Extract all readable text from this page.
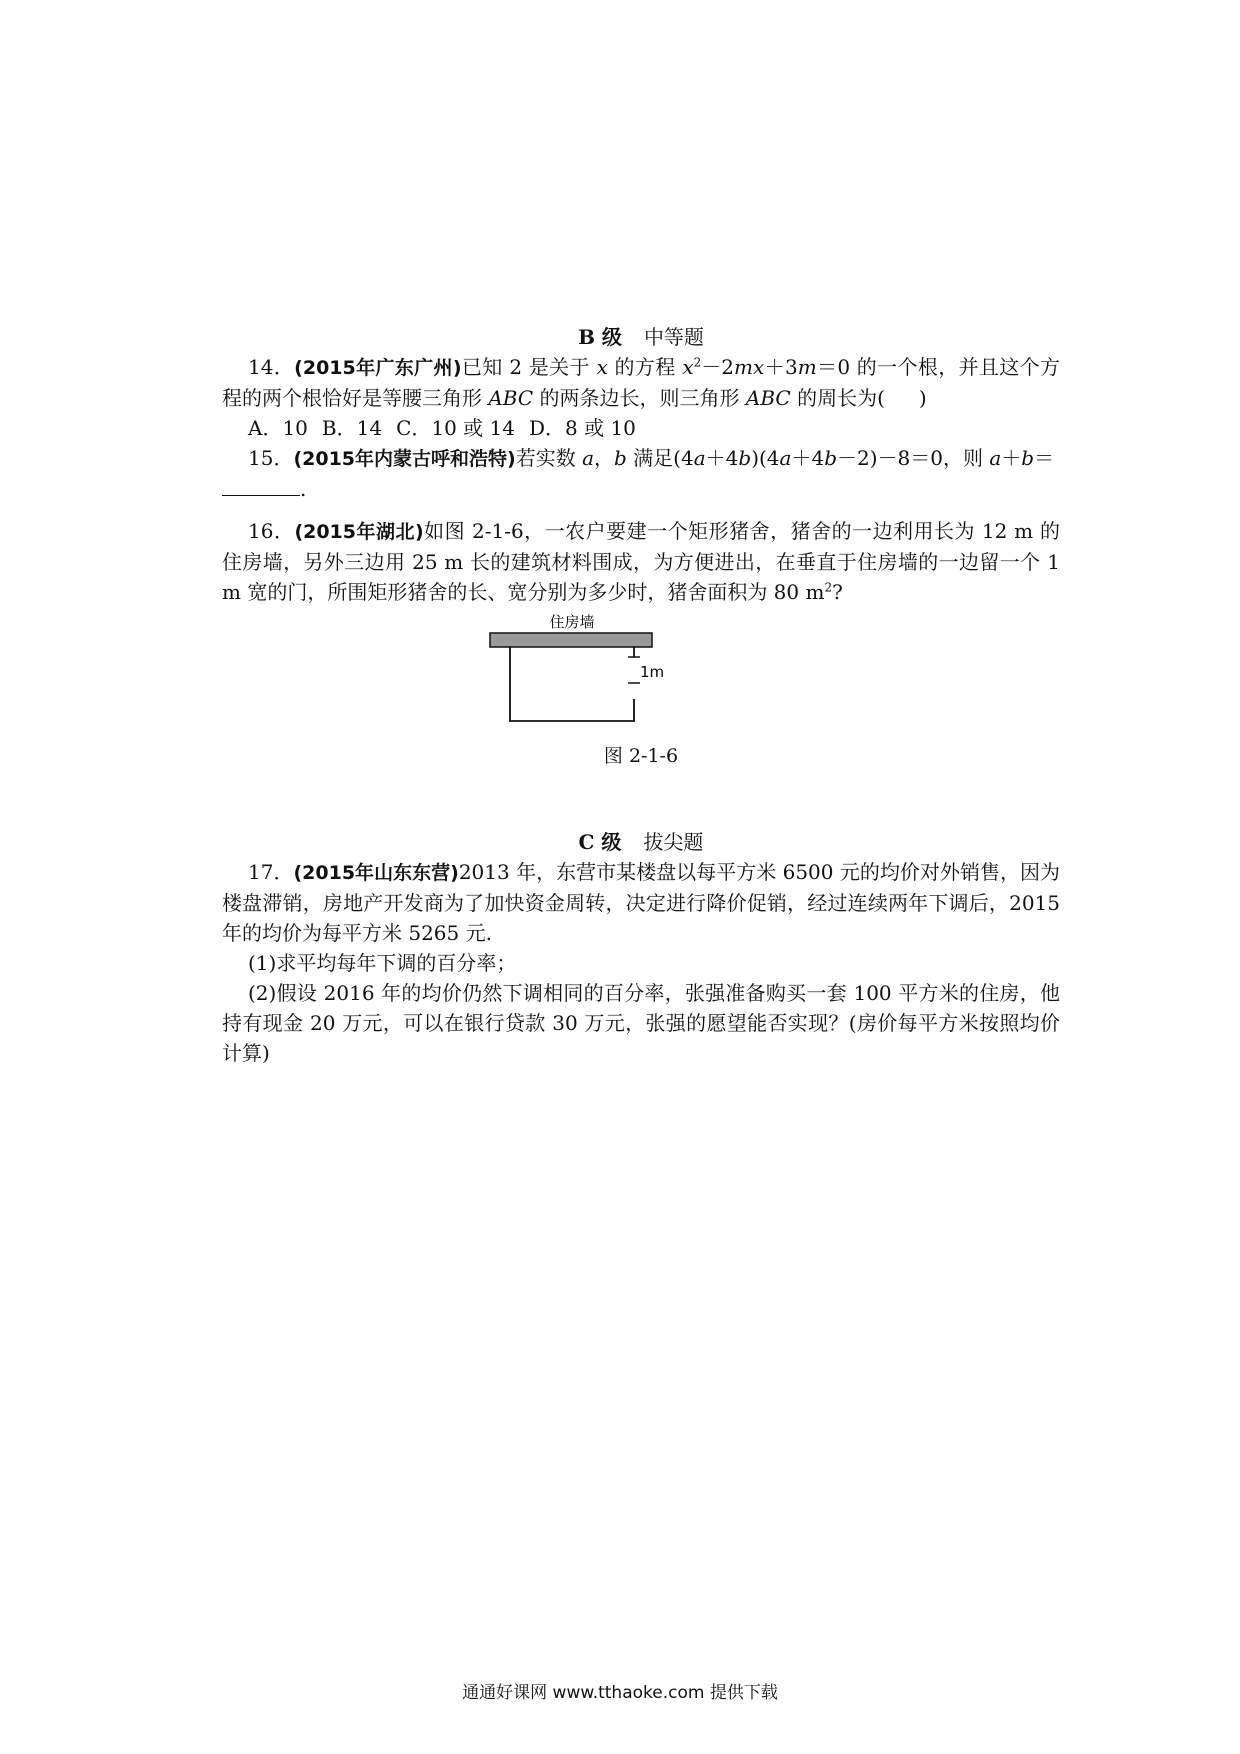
B 级 中等题

14．(2015年广东广州)已知 2 是关于 x 的方程 $x^2-2mx+3m=0$ 的一个根，并且这个方程的两个根恰好是等腰三角形 ABC 的两条边长，则三角形 ABC 的周长为( )

A．10 B．14 C．10 或 14 D．8 或 10

15．(2015年内蒙古呼和浩特)若实数 a，b 满足(4a＋4b)(4a＋4b－2)－8＝0，则 a＋b＝

.

16．(2015年湖北)如图 2-1-6，一农户要建一个矩形猪舍，猪舍的一边利用长为 12 m 的住房墙，另外三边用 25 m 长的建筑材料围成，为方便进出，在垂直于住房墙的一边留一个 1 m 宽的门，所围矩形猪舍的长、宽分别为多少时，猪舍面积为 80 $m^2$?

住房墙
1m
图 2-1-6

C 级 拔尖题

17．(2015年山东东营)2013 年，东营市某楼盘以每平方米 6500 元的均价对外销售，因为楼盘滞销，房地产开发商为了加快资金周转，决定进行降价促销，经过连续两年下调后，2015 年的均价为每平方米 5265 元.

(1)求平均每年下调的百分率；

(2)假设 2016 年的均价仍然下调相同的百分率，张强准备购买一套 100 平方米的住房，他持有现金 20 万元，可以在银行贷款 30 万元，张强的愿望能否实现？(房价每平方米按照均价计算)

通通好课网 www.tthaoke.com 提供下载
